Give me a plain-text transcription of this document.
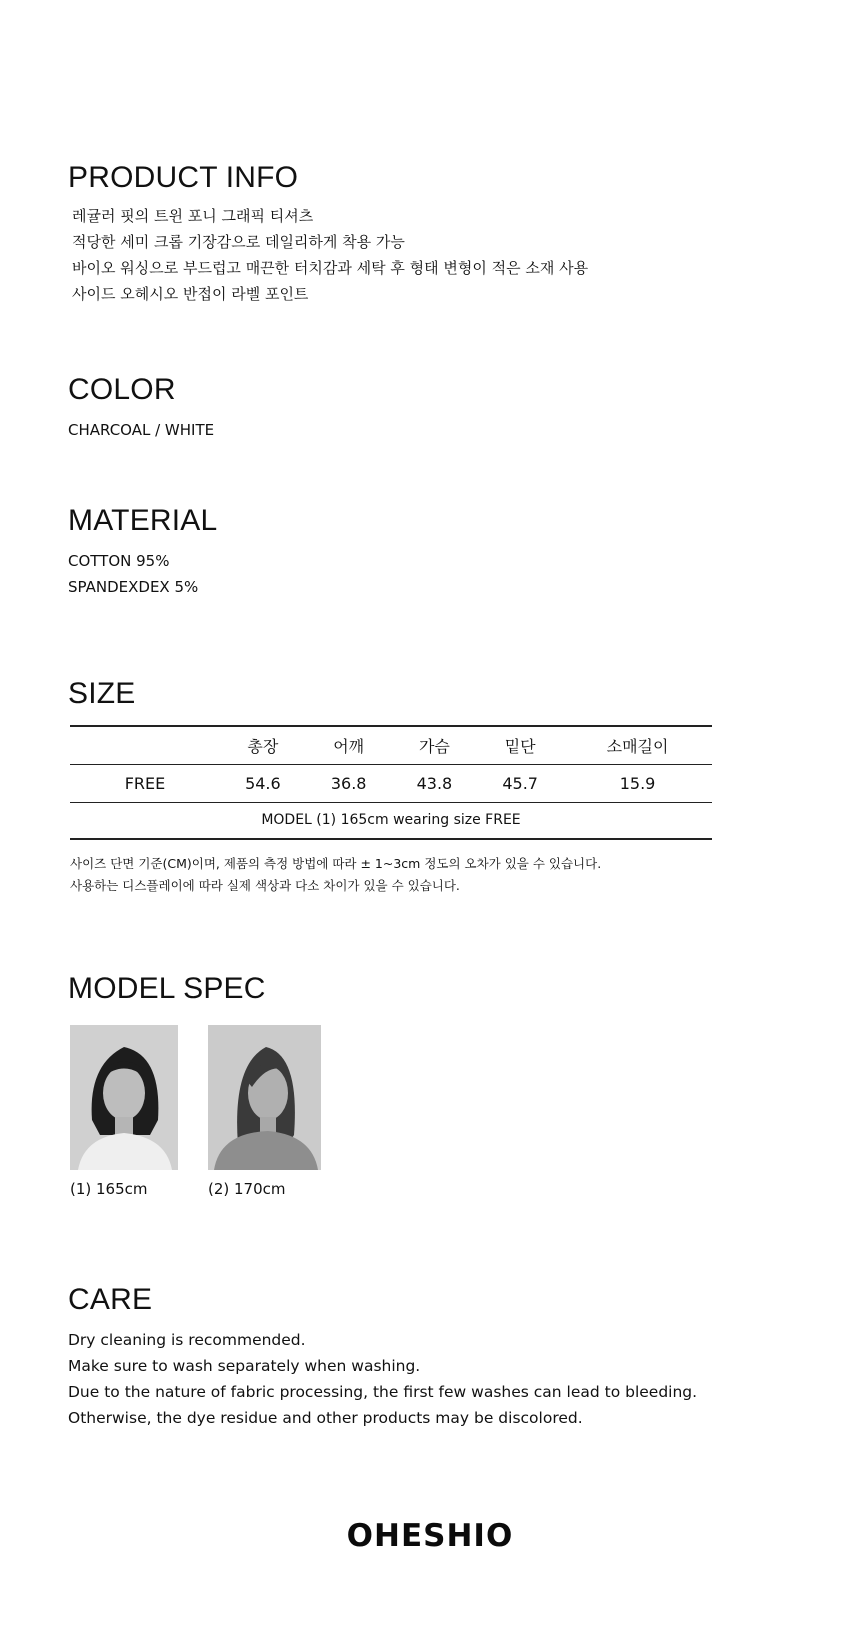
PRODUCT INFO
레귤러 핏의 트윈 포니 그래픽 티셔츠
적당한 세미 크롭 기장감으로 데일리하게 착용 가능
바이오 워싱으로 부드럽고 매끈한 터치감과 세탁 후 형태 변형이 적은 소재 사용
사이드 오헤시오 반접이 라벨 포인트
COLOR
CHARCOAL / WHITE
MATERIAL
COTTON 95%
SPANDEXDEX 5%
SIZE
	총장	어깨	가슴	밑단	소매길이
FREE	54.6	36.8	43.8	45.7	15.9
MODEL (1) 165cm wearing size FREE					
사이즈 단면 기준(CM)이며, 제품의 측정 방법에 따라 ± 1~3cm 정도의 오차가 있을 수 있습니다.
사용하는 디스플레이에 따라 실제 색상과 다소 차이가 있을 수 있습니다.
MODEL SPEC
(1) 165cm	(2) 170cm
CARE
Dry cleaning is recommended.
Make sure to wash separately when washing.
Due to the nature of fabric processing, the first few washes can lead to bleeding.
Otherwise, the dye residue and other products may be discolored.
OHESHIO
